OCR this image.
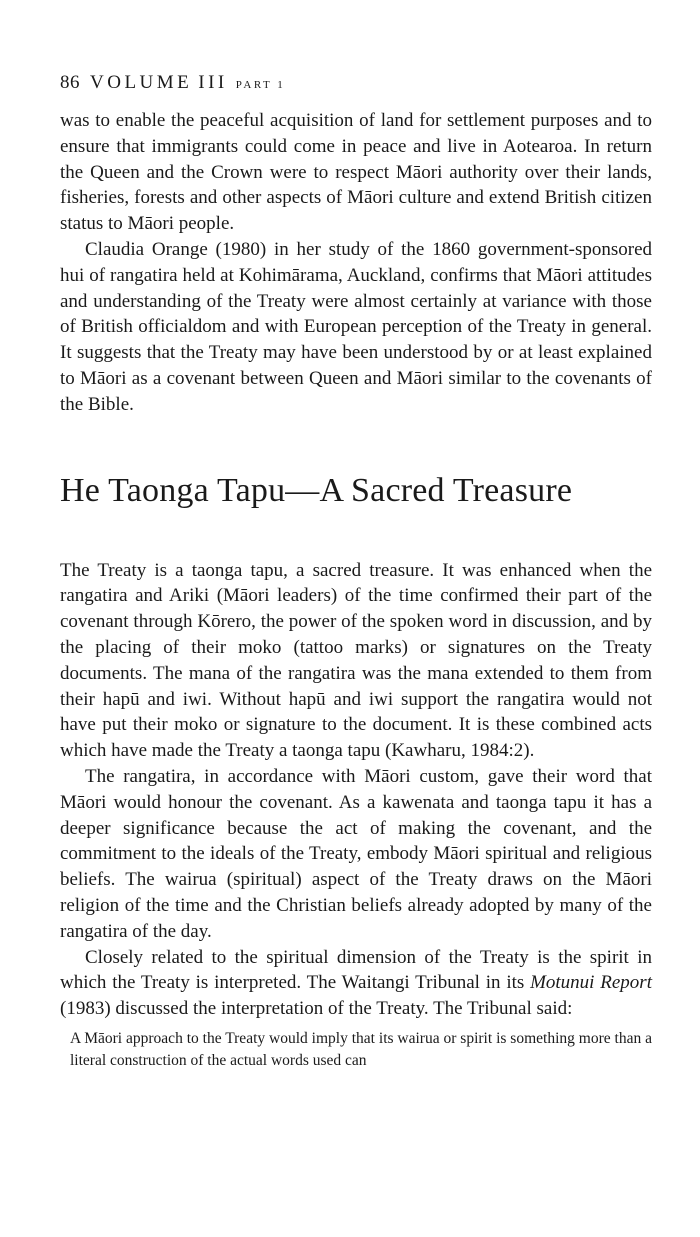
86 VOLUME III PART 1

was to enable the peaceful acquisition of land for settlement purposes and to ensure that immigrants could come in peace and live in Aotearoa. In return the Queen and the Crown were to respect Māori authority over their lands, fisheries, forests and other aspects of Māori culture and extend British citizen status to Māori people.

Claudia Orange (1980) in her study of the 1860 government-sponsored hui of rangatira held at Kohimārama, Auckland, confirms that Māori attitudes and understanding of the Treaty were almost certainly at variance with those of British officialdom and with European perception of the Treaty in general. It suggests that the Treaty may have been understood by or at least explained to Māori as a covenant between Queen and Māori similar to the covenants of the Bible.

He Taonga Tapu—A Sacred Treasure

The Treaty is a taonga tapu, a sacred treasure. It was enhanced when the rangatira and Ariki (Māori leaders) of the time confirmed their part of the covenant through Kōrero, the power of the spoken word in discussion, and by the placing of their moko (tattoo marks) or signatures on the Treaty documents. The mana of the rangatira was the mana extended to them from their hapū and iwi. Without hapū and iwi support the rangatira would not have put their moko or signature to the document. It is these combined acts which have made the Treaty a taonga tapu (Kawharu, 1984:2).

The rangatira, in accordance with Māori custom, gave their word that Māori would honour the covenant. As a kawenata and taonga tapu it has a deeper significance because the act of making the covenant, and the commitment to the ideals of the Treaty, embody Māori spiritual and religious beliefs. The wairua (spiritual) aspect of the Treaty draws on the Māori religion of the time and the Christian beliefs already adopted by many of the rangatira of the day.

Closely related to the spiritual dimension of the Treaty is the spirit in which the Treaty is interpreted. The Waitangi Tribunal in its Motunui Report (1983) discussed the interpretation of the Treaty. The Tribunal said:

A Māori approach to the Treaty would imply that its wairua or spirit is something more than a literal construction of the actual words used can
